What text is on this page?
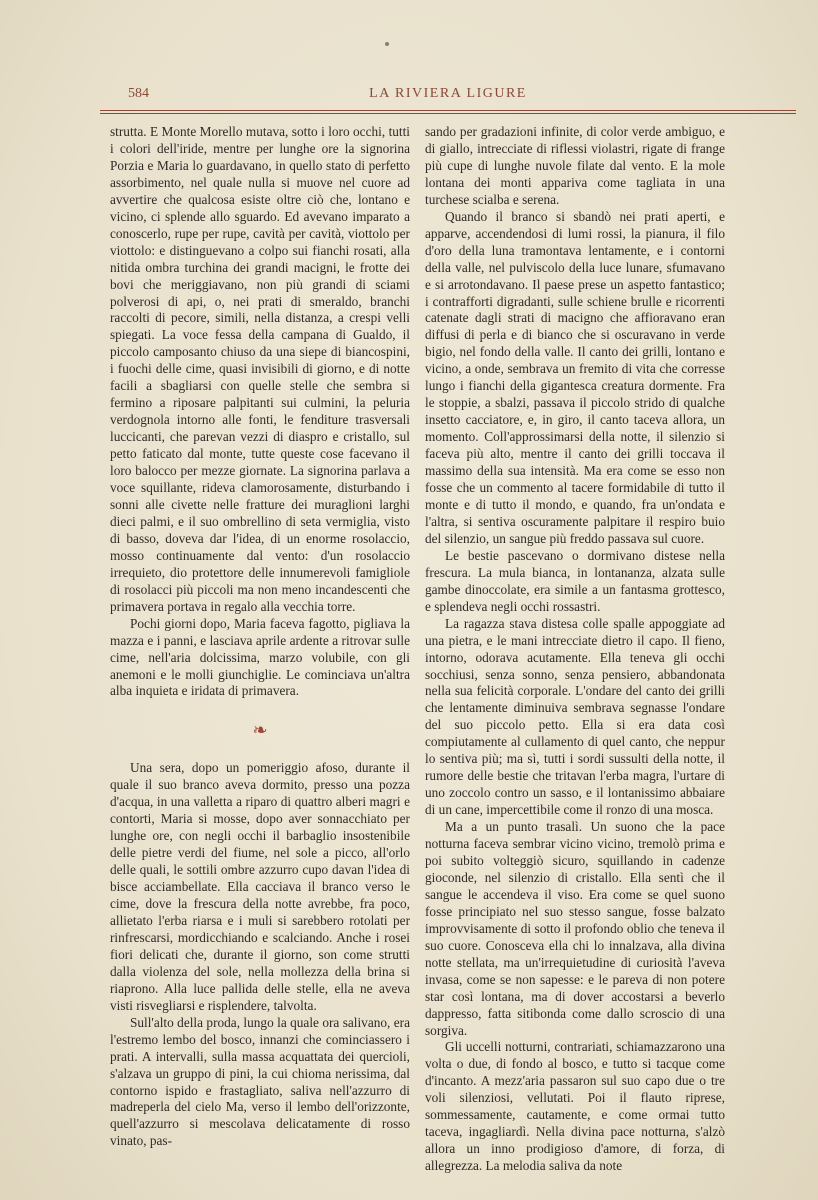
584	LA RIVIERA LIGURE

strutta. E Monte Morello mutava, sotto i loro occhi, tutti i colori dell'iride, mentre per lunghe ore la signorina Porzia e Maria lo guardavano, in quello stato di perfetto assorbimento, nel quale nulla si muove nel cuore ad avvertire che qualcosa esiste oltre ciò che, lontano e vicino, ci splende allo sguardo. Ed avevano imparato a conoscerlo, rupe per rupe, cavità per cavità, viottolo per viottolo: e distinguevano a colpo sui fianchi rosati, alla nitida ombra turchina dei grandi macigni, le frotte dei bovi che meriggiavano, non più grandi di sciami polverosi di api, o, nei prati di smeraldo, branchi raccolti di pecore, simili, nella distanza, a crespi velli spiegati. La voce fessa della campana di Gualdo, il piccolo camposanto chiuso da una siepe di biancospini, i fuochi delle cime, quasi invisibili di giorno, e di notte facili a sbagliarsi con quelle stelle che sembra si fermino a riposare palpitanti sui culmini, la peluria verdognola intorno alle fonti, le fenditure trasversali luccicanti, che parevan vezzi di diaspro e cristallo, sul petto faticato dal monte, tutte queste cose facevano il loro balocco per mezze giornate. La signorina parlava a voce squillante, rideva clamorosamente, disturbando i sonni alle civette nelle fratture dei muraglioni larghi dieci palmi, e il suo ombrellino di seta vermiglia, visto di basso, doveva dar l'idea, di un enorme rosolaccio, mosso continuamente dal vento: d'un rosolaccio irrequieto, dio protettore delle innumerevoli famigliole di rosolacci più piccoli ma non meno incandescenti che primavera portava in regalo alla vecchia torre.

Pochi giorni dopo, Maria faceva fagotto, pigliava la mazza e i panni, e lasciava aprile ardente a ritrovar sulle cime, nell'aria dolcissima, marzo volubile, con gli anemoni e le molli giunchiglie. Le cominciava un'altra alba inquieta e iridata di primavera.

❧

Una sera, dopo un pomeriggio afoso, durante il quale il suo branco aveva dormito, presso una pozza d'acqua, in una valletta a riparo di quattro alberi magri e contorti, Maria si mosse, dopo aver sonnacchiato per lunghe ore, con negli occhi il barbaglio insostenibile delle pietre verdi del fiume, nel sole a picco, all'orlo delle quali, le sottili ombre azzurro cupo davan l'idea di bisce acciambellate. Ella cacciava il branco verso le cime, dove la frescura della notte avrebbe, fra poco, allietato l'erba riarsa e i muli si sarebbero rotolati per rinfrescarsi, mordicchiando e scalciando. Anche i rosei fiori delicati che, durante il giorno, son come strutti dalla violenza del sole, nella mollezza della brina si riaprono. Alla luce pallida delle stelle, ella ne aveva visti risvegliarsi e risplendere, talvolta.

Sull'alto della proda, lungo la quale ora salivano, era l'estremo lembo del bosco, innanzi che cominciassero i prati. A intervalli, sulla massa acquattata dei quercioli, s'alzava un gruppo di pini, la cui chioma nerissima, dal contorno ispido e frastagliato, saliva nell'azzurro di madreperla del cielo Ma, verso il lembo dell'orizzonte, quell'azzurro si mescolava delicatamente di rosso vinato, pas-

sando per gradazioni infinite, di color verde ambiguo, e di giallo, intrecciate di riflessi violastri, rigate di frange più cupe di lunghe nuvole filate dal vento. E la mole lontana dei monti appariva come tagliata in una turchese scialba e serena.

Quando il branco si sbandò nei prati aperti, e apparve, accendendosi di lumi rossi, la pianura, il filo d'oro della luna tramontava lentamente, e i contorni della valle, nel pulviscolo della luce lunare, sfumavano e si arrotondavano. Il paese prese un aspetto fantastico; i contrafforti digradanti, sulle schiene brulle e ricorrenti catenate dagli strati di macigno che affioravano eran diffusi di perla e di bianco che si oscuravano in verde bigio, nel fondo della valle. Il canto dei grilli, lontano e vicino, a onde, sembrava un fremito di vita che corresse lungo i fianchi della gigantesca creatura dormente. Fra le stoppie, a sbalzi, passava il piccolo strido di qualche insetto cacciatore, e, in giro, il canto taceva allora, un momento. Coll'approssimarsi della notte, il silenzio si faceva più alto, mentre il canto dei grilli toccava il massimo della sua intensità. Ma era come se esso non fosse che un commento al tacere formidabile di tutto il monte e di tutto il mondo, e quando, fra un'ondata e l'altra, si sentiva oscuramente palpitare il respiro buio del silenzio, un sangue più freddo passava sul cuore.

Le bestie pascevano o dormivano distese nella frescura. La mula bianca, in lontananza, alzata sulle gambe dinoccolate, era simile a un fantasma grottesco, e splendeva negli occhi rossastri.

La ragazza stava distesa colle spalle appoggiate ad una pietra, e le mani intrecciate dietro il capo. Il fieno, intorno, odorava acutamente. Ella teneva gli occhi socchiusi, senza sonno, senza pensiero, abbandonata nella sua felicità corporale. L'ondare del canto dei grilli che lentamente diminuiva sembrava segnasse l'ondare del suo piccolo petto. Ella si era data così compiutamente al cullamento di quel canto, che neppur lo sentiva più; ma sì, tutti i sordi sussulti della notte, il rumore delle bestie che tritavan l'erba magra, l'urtare di uno zoccolo contro un sasso, e il lontanissimo abbaiare di un cane, impercettibile come il ronzo di una mosca.

Ma a un punto trasalì. Un suono che la pace notturna faceva sembrar vicino vicino, tremolò prima e poi subito volteggiò sicuro, squillando in cadenze gioconde, nel silenzio di cristallo. Ella sentì che il sangue le accendeva il viso. Era come se quel suono fosse principiato nel suo stesso sangue, fosse balzato improvvisamente di sotto il profondo oblio che teneva il suo cuore. Conosceva ella chi lo innalzava, alla divina notte stellata, ma un'irrequietudine di curiosità l'aveva invasa, come se non sapesse: e le pareva di non potere star così lontana, ma di dover accostarsi a beverlo dappresso, fatta sitibonda come dallo scroscio di una sorgiva.

Gli uccelli notturni, contrariati, schiamazzarono una volta o due, di fondo al bosco, e tutto si tacque come d'incanto. A mezz'aria passaron sul suo capo due o tre voli silenziosi, vellutati. Poi il flauto riprese, sommessamente, cautamente, e come ormai tutto taceva, ingagliardì. Nella divina pace notturna, s'alzò allora un inno prodigioso d'amore, di forza, di allegrezza. La melodia saliva da note
